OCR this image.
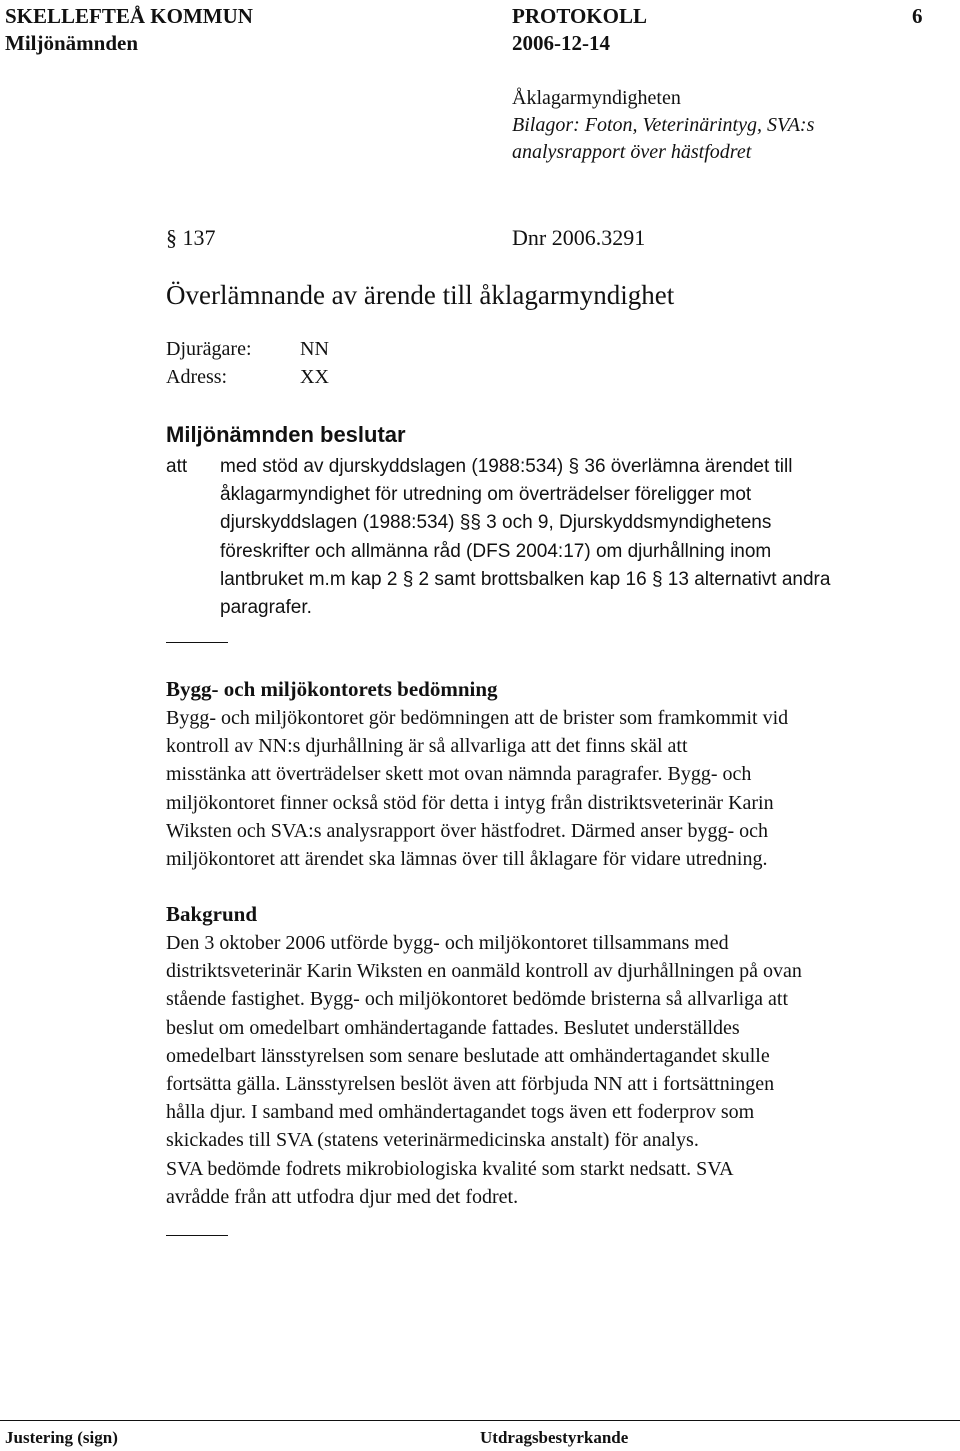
SKELLEFTEÅ KOMMUN	PROTOKOLL	6
Miljönämnden	2006-12-14
Åklagarmyndigheten
Bilagor: Foton, Veterinärintyg, SVA:s
analysrapport över hästfodret
§ 137	Dnr 2006.3291
Överlämnande av ärende till åklagarmyndighet
Djurägare: NN
Adress:	XX
Miljönämnden beslutar
att med stöd av djurskyddslagen (1988:534) § 36 överlämna ärendet till
åklagarmyndighet för utredning om överträdelser föreligger mot
djurskyddslagen (1988:534) §§ 3 och 9, Djurskyddsmyndighetens
föreskrifter och allmänna råd (DFS 2004:17) om djurhållning inom
lantbruket m.m kap 2 § 2 samt brottsbalken kap 16 § 13 alternativt andra
paragrafer.
Bygg- och miljökontorets bedömning
Bygg- och miljökontoret gör bedömningen att de brister som framkommit vid
kontroll av NN:s djurhållning är så allvarliga att det finns skäl att
misstänka att överträdelser skett mot ovan nämnda paragrafer. Bygg- och
miljökontoret finner också stöd för detta i intyg från distriktsveterinär Karin
Wiksten och SVA:s analysrapport över hästfodret. Därmed anser bygg- och
miljökontoret att ärendet ska lämnas över till åklagare för vidare utredning.
Bakgrund
Den 3 oktober 2006 utförde bygg- och miljökontoret tillsammans med
distriktsveterinär Karin Wiksten en oanmäld kontroll av djurhållningen på ovan
stående fastighet. Bygg- och miljökontoret bedömde bristerna så allvarliga att
beslut om omedelbart omhändertagande fattades. Beslutet underställdes
omedelbart länsstyrelsen som senare beslutade att omhändertagandet skulle
fortsätta gälla. Länsstyrelsen beslöt även att förbjuda NN att i fortsättningen
hålla djur. I samband med omhändertagandet togs även ett foderprov som
skickades till SVA (statens veterinärmedicinska anstalt) för analys.
SVA bedömde fodrets mikrobiologiska kvalité som starkt nedsatt. SVA
avrådde från att utfodra djur med det fodret.
Justering (sign)	Utdragsbestyrkande
